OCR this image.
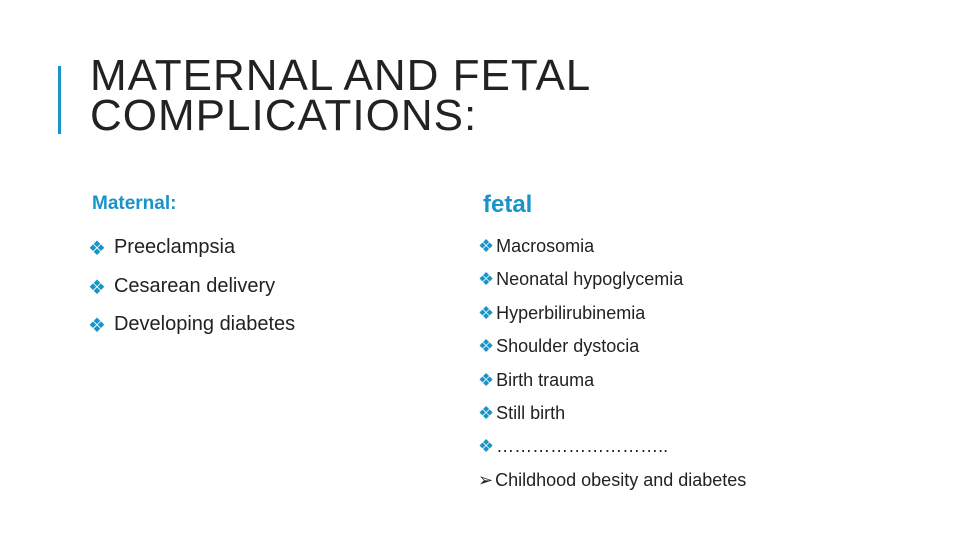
MATERNAL AND FETAL
COMPLICATIONS:
Maternal:	fetal
❖ Preeclampsia
❖ Cesarean delivery
❖ Developing diabetes
❖ Macrosomia
❖ Neonatal hypoglycemia
❖ Hyperbilirubinemia
❖ Shoulder dystocia
❖ Birth trauma
❖ Still birth
❖ ………………………..
➢ Childhood obesity and diabetes
